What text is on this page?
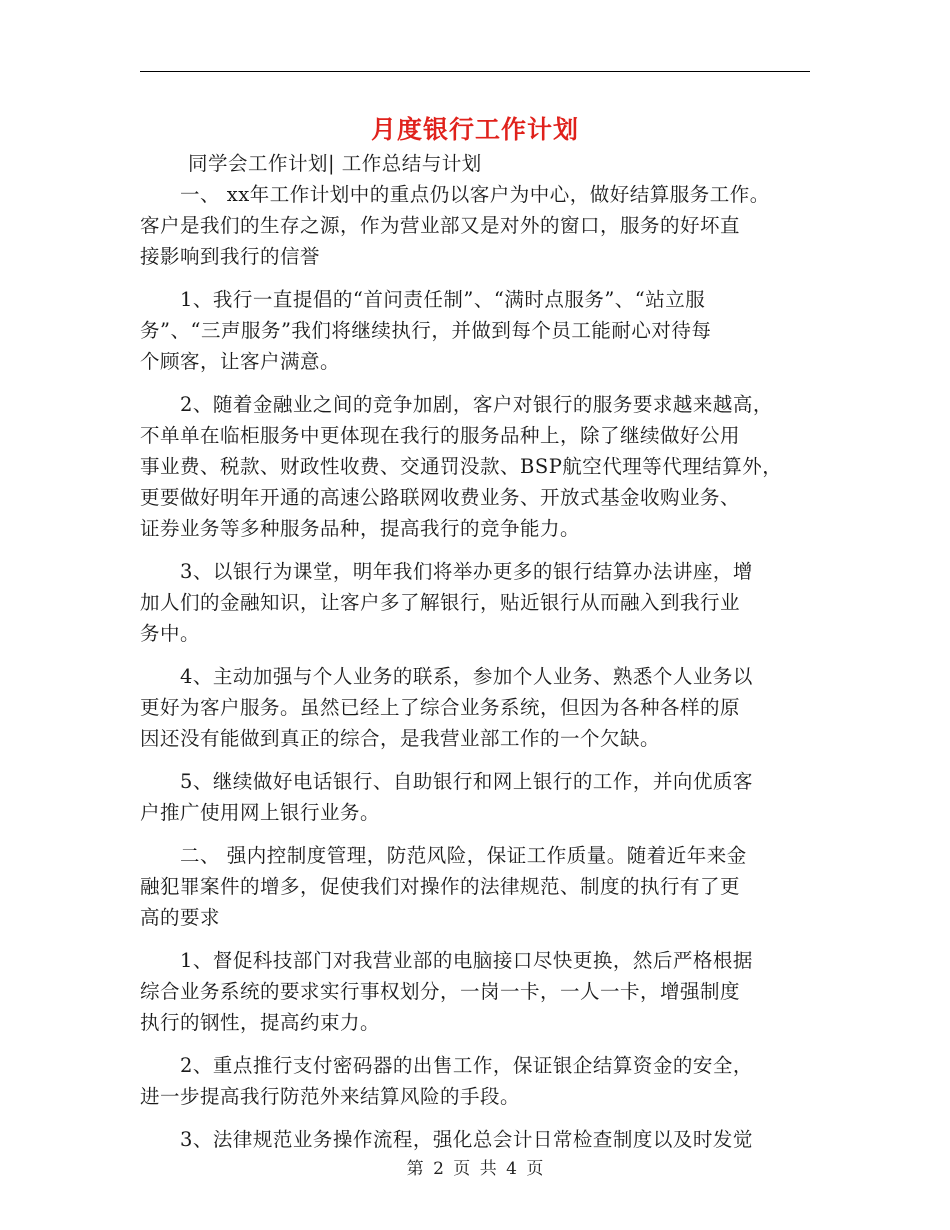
月度银行工作计划
同学会工作计划| 工作总结与计划
　　一、 xx年工作计划中的重点仍以客户为中心，做好结算服务工作。
客户是我们的生存之源，作为营业部又是对外的窗口，服务的好坏直
接影响到我行的信誉
　　1、我行一直提倡的“首问责任制”、“满时点服务”、“站立服
务”、“三声服务”我们将继续执行，并做到每个员工能耐心对待每
个顾客，让客户满意。
　　2、随着金融业之间的竞争加剧，客户对银行的服务要求越来越高，
不单单在临柜服务中更体现在我行的服务品种上，除了继续做好公用
事业费、税款、财政性收费、交通罚没款、BSP航空代理等代理结算外，
更要做好明年开通的高速公路联网收费业务、开放式基金收购业务、
证券业务等多种服务品种，提高我行的竞争能力。
　　3、以银行为课堂，明年我们将举办更多的银行结算办法讲座，增
加人们的金融知识，让客户多了解银行，贴近银行从而融入到我行业
务中。
　　4、主动加强与个人业务的联系，参加个人业务、熟悉个人业务以
更好为客户服务。虽然已经上了综合业务系统，但因为各种各样的原
因还没有能做到真正的综合，是我营业部工作的一个欠缺。
　　5、继续做好电话银行、自助银行和网上银行的工作，并向优质客
户推广使用网上银行业务。
　　二、 强内控制度管理，防范风险，保证工作质量。随着近年来金
融犯罪案件的增多，促使我们对操作的法律规范、制度的执行有了更
高的要求
　　1、督促科技部门对我营业部的电脑接口尽快更换，然后严格根据
综合业务系统的要求实行事权划分，一岗一卡，一人一卡，增强制度
执行的钢性，提高约束力。
　　2、重点推行支付密码器的出售工作，保证银企结算资金的安全，
进一步提高我行防范外来结算风险的手段。
　　3、法律规范业务操作流程，强化总会计日常检查制度以及时发觉
第 2 页 共 4 页
